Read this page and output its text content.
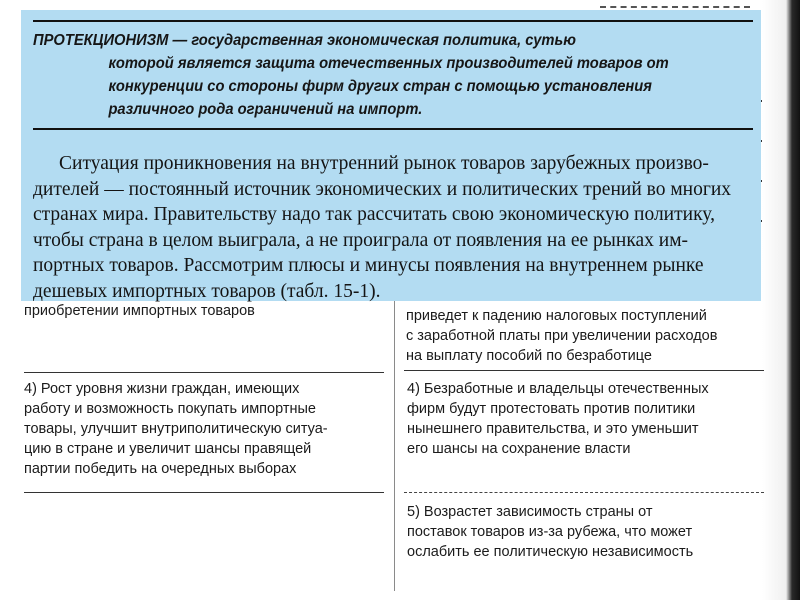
ПРОТЕКЦИОНИЗМ — государственная экономическая политика, сутью
которой является защита отечественных производителей товаров от
конкуренции со стороны фирм других стран с помощью установления
различного рода ограничений на импорт.
Ситуация проникновения на внутренний рынок товаров зарубежных произво-
дителей — постоянный источник экономических и политических трений во многих
странах мира. Правительству надо так рассчитать свою экономическую политику,
чтобы страна в целом выиграла, а не проиграла от появления на ее рынках им-
портных товаров. Рассмотрим плюсы и минусы появления на внутреннем рынке
дешевых импортных товаров (табл. 15-1).
приобретении импортных товаров	приведет к падению налоговых поступлений
с заработной платы при увеличении расходов
на выплату пособий по безработице
4) Рост уровня жизни граждан, имеющих
работу и возможность покупать импортные
товары, улучшит внутриполитическую ситуа-
цию в стране и увеличит шансы правящей
партии победить на очередных выборах
4) Безработные и владельцы отечественных
фирм будут протестовать против политики
нынешнего правительства, и это уменьшит
его шансы на сохранение власти
5) Возрастет зависимость страны от
поставок товаров из-за рубежа, что может
ослабить ее политическую независимость
